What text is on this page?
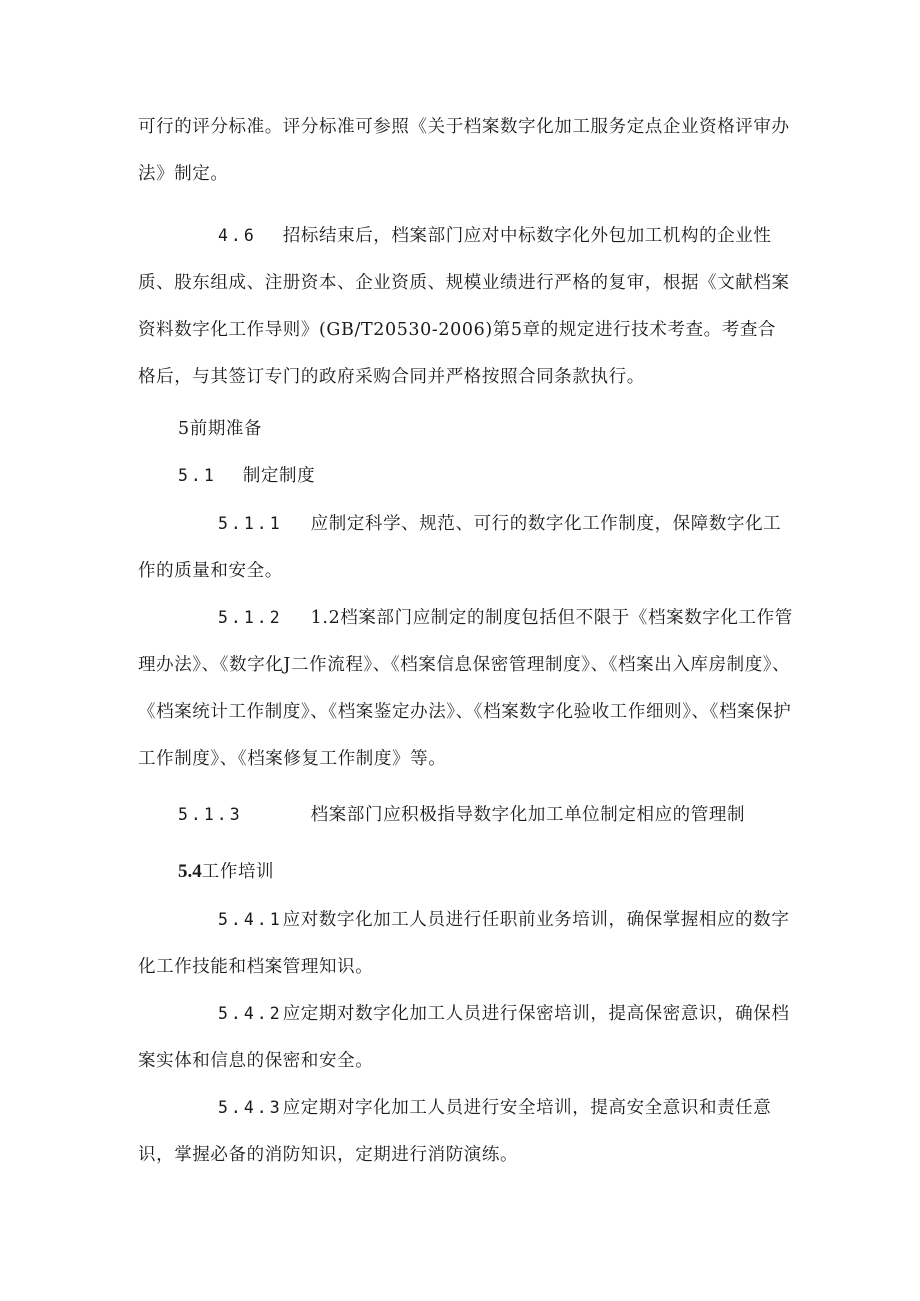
可行的评分标准。评分标准可参照《关于档案数字化加工服务定点企业资格评审办法》制定。

4.6 招标结束后，档案部门应对中标数字化外包加工机构的企业性质、股东组成、注册资本、企业资质、规模业绩进行严格的复审，根据《文献档案资料数字化工作导则》(GB/T20530-2006)第5章的规定进行技术考查。考查合格后，与其签订专门的政府采购合同并严格按照合同条款执行。

5前期准备

5.1 制定制度

5.1.1 应制定科学、规范、可行的数字化工作制度，保障数字化工作的质量和安全。

5.1.2 1.2档案部门应制定的制度包括但不限于《档案数字化工作管理办法》、《数字化J二作流程》、《档案信息保密管理制度》、《档案出入库房制度》、《档案统计工作制度》、《档案鉴定办法》、《档案数字化验收工作细则》、《档案保护工作制度》、《档案修复工作制度》等。

5.1.3	档案部门应积极指导数字化加工单位制定相应的管理制

5.4工作培训

5.4.1应对数字化加工人员进行任职前业务培训，确保掌握相应的数字化工作技能和档案管理知识。

5.4.2应定期对数字化加工人员进行保密培训，提高保密意识，确保档案实体和信息的保密和安全。

5.4.3应定期对字化加工人员进行安全培训，提高安全意识和责任意识，掌握必备的消防知识，定期进行消防演练。
